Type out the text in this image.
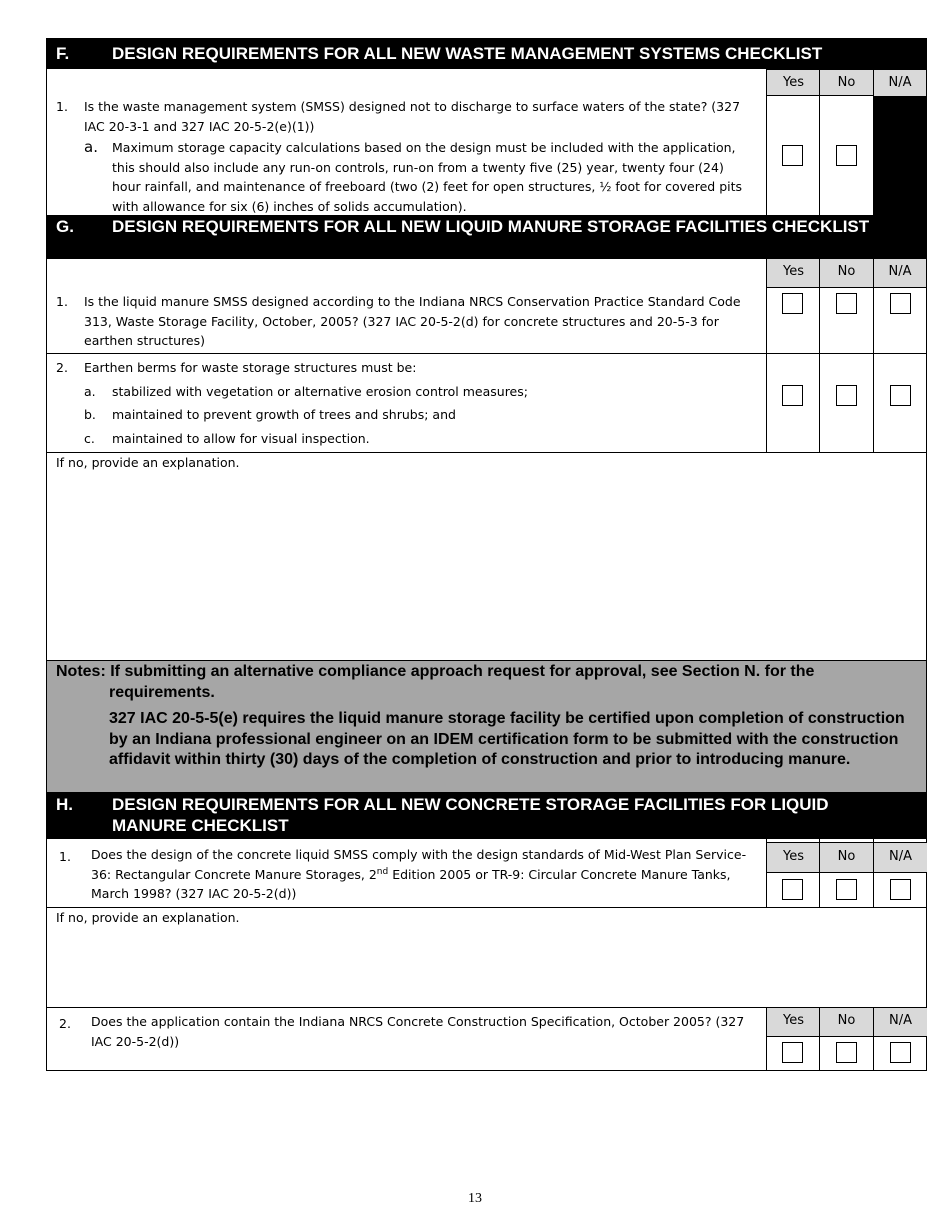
F.	DESIGN REQUIREMENTS FOR ALL NEW WASTE MANAGEMENT SYSTEMS CHECKLIST
Yes	No	N/A
1. Is the waste management system (SMSS) designed not to discharge to surface waters of the state? (327 IAC 20-3-1 and 327 IAC 20-5-2(e)(1))
a. Maximum storage capacity calculations based on the design must be included with the application, this should also include any run-on controls, run-on from a twenty five (25) year, twenty four (24) hour rainfall, and maintenance of freeboard (two (2) feet for open structures, ½ foot for covered pits with allowance for six (6) inches of solids accumulation).
G. DESIGN REQUIREMENTS FOR ALL NEW LIQUID MANURE STORAGE FACILITIES CHECKLIST
Yes	No	N/A
1. Is the liquid manure SMSS designed according to the Indiana NRCS Conservation Practice Standard Code 313, Waste Storage Facility, October, 2005? (327 IAC 20-5-2(d) for concrete structures and 20-5-3 for earthen structures)
2. Earthen berms for waste storage structures must be:
a. stabilized with vegetation or alternative erosion control measures;
b. maintained to prevent growth of trees and shrubs; and
c. maintained to allow for visual inspection.
If no, provide an explanation.
Notes: If submitting an alternative compliance approach request for approval, see Section N. for the requirements.
327 IAC 20-5-5(e) requires the liquid manure storage facility be certified upon completion of construction by an Indiana professional engineer on an IDEM certification form to be submitted with the construction affidavit within thirty (30) days of the completion of construction and prior to introducing manure.
H. DESIGN REQUIREMENTS FOR ALL NEW CONCRETE STORAGE FACILITIES FOR LIQUID MANURE CHECKLIST
Yes	No	N/A
1. Does the design of the concrete liquid SMSS comply with the design standards of Mid-West Plan Service-36: Rectangular Concrete Manure Storages, 2nd Edition 2005 or TR-9: Circular Concrete Manure Tanks, March 1998? (327 IAC 20-5-2(d))
If no, provide an explanation.
Yes	No	N/A
2. Does the application contain the Indiana NRCS Concrete Construction Specification, October 2005? (327 IAC 20-5-2(d))
13
